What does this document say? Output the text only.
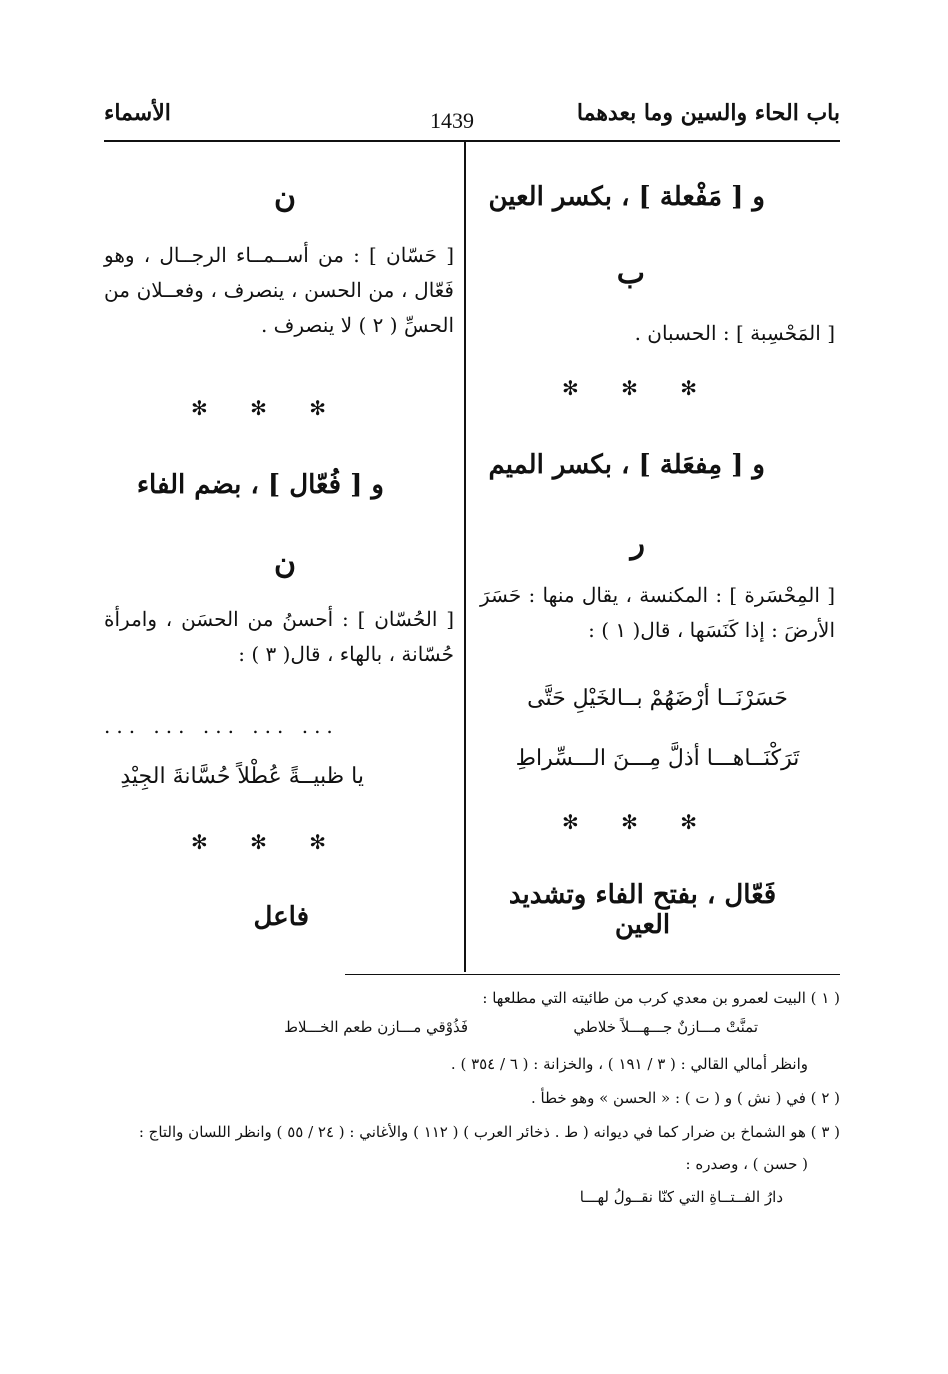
الأسماء	1439	باب الحاء والسين وما بعدهما

و [ مَفْعلة ] ، بكسر العين

ب

[ المَحْسِبة ] : الحسبان .

✻ ✻ ✻

و [ مِفعَلة ] ، بكسر الميم

ر

[ المِحْسَرة ] : المكنسة ، يقال منها : حَسَرَ الأرضَ : إذا كَنَسَها ، قال( ١ ) :

حَسَرْنَــا أرْضَهُمْ بــالخَيْلِ حَتَّى

تَرَكْنَــاهـــا أذلَّ مِـــنَ الـــسِّراطِ

✻ ✻ ✻

فَعّال ، بفتح الفاء وتشديد العين

ن

[ حَسّان ] : من أســمــاء الرجــال ، وهو فَعّال ، من الحسن ، ينصرف ، وفعــلان من الحسِّ ( ٢ ) لا ينصرف .

✻ ✻ ✻

و [ فُعّال ] ، بضم الفاء

ن

[ الحُسّان ] : أحسنُ من الحسَن ، وامرأة حُسّانة ، بالهاء ، قال( ٣ ) :

... ... ... ... ...

يا ظبيــةً عُطْلاً حُسَّانةَ الجِيْدِ

✻ ✻ ✻

فاعل

( ١ ) البيت لعمرو بن معدي كرب من طائيته التي مطلعها :
تمنَّتْ مـــازنٌ جـــهـــلاً خلاطي
فَذُوْقي مـــازن طعم الخـــلاط
وانظر أمالي القالي : ( ٣ / ١٩١ ) ، والخزانة : ( ٦ / ٣٥٤ ) .
( ٢ ) في ( نش ) و ( ت ) : « الحسن » وهو خطأ .
( ٣ ) هو الشماخ بن ضرار كما في ديوانه ( ط . ذخائر العرب ) ( ١١٢ ) والأغاني : ( ٢٤ / ٥٥ ) وانظر اللسان والتاج :
( حسن ) ، وصدره :
دارُ الفــتــاةِ التي كنّا نقــولُ لهـــا
